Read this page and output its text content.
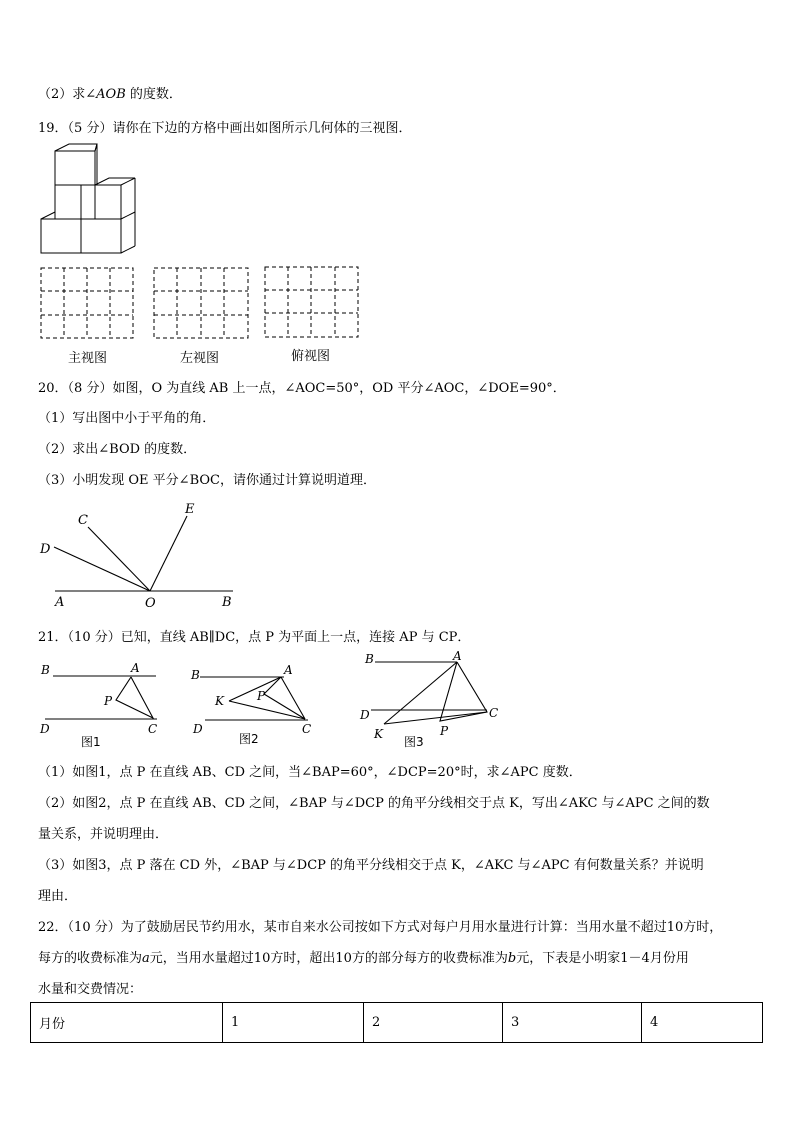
（2）求∠AOB 的度数．
19．（5 分）请你在下边的方格中画出如图所示几何体的三视图．
主视图	左视图	俯视图
20．（8 分）如图，O 为直线 AB 上一点，∠AOC=50°，OD 平分∠AOC，∠DOE=90°．
（1）写出图中小于平角的角．
（2）求出∠BOD 的度数．
（3）小明发现 OE 平分∠BOC，请你通过计算说明道理．
C
E
D
A	O	B
21．（10 分）已知，直线 AB∥DC，点 P 为平面上一点，连接 AP 与 CP．
B	A
P
D	C
B	A
P
K
D	C
B	A
D	C
K	P
图1	图2	图3
（1）如图1，点 P 在直线 AB、CD 之间，当∠BAP=60°，∠DCP=20°时，求∠APC 度数．
（2）如图2，点 P 在直线 AB、CD 之间，∠BAP 与∠DCP 的角平分线相交于点 K，写出∠AKC 与∠APC 之间的数
量关系，并说明理由．
（3）如图3，点 P 落在 CD 外，∠BAP 与∠DCP 的角平分线相交于点 K，∠AKC 与∠APC 有何数量关系？并说明
理由．
22．（10 分）为了鼓励居民节约用水，某市自来水公司按如下方式对每户月用水量进行计算：当用水量不超过10方时，
每方的收费标准为a元，当用水量超过10方时，超出10方的部分每方的收费标准为b元，下表是小明家1－4月份用
水量和交费情况：
月份	1	2	3	4
